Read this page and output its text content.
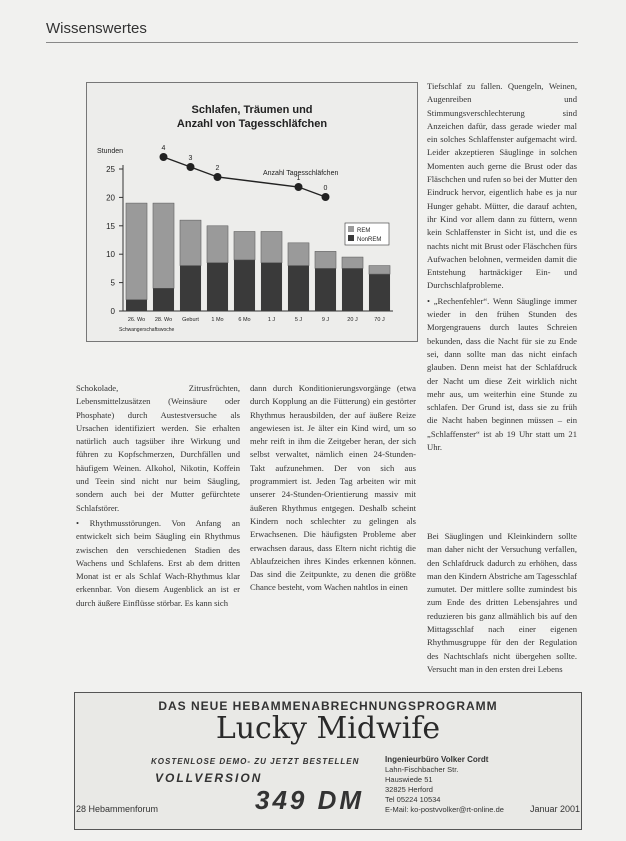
Wissenswertes
Schlafen, Träumen und
Anzahl von Tagesschläfchen
Stunden
Anzahl Tagesschläfchen
0
5
10
15
20
25
26. Wo 28. Wo Geburt 1 Mo	6 Mo	1 J	5 J	9 J	20 J	70 J
4
3
2
1
0
REM
NonREM
Schwangerschaftswoche

Schokolade, Zitrusfrüchten, Lebensmittelzusätzen (Weinsäure oder Phosphate) durch Austestversuche als Ursachen identifiziert werden. Sie erhalten natürlich auch tagsüber ihre Wirkung und führen zu Kopfschmerzen, Durchfällen und häufigem Weinen. Alkohol, Nikotin, Koffein und Teein sind nicht nur beim Säugling, sondern auch bei der Mutter gefürchtete Schlafstörer.

• Rhythmusstörungen. Von Anfang an entwickelt sich beim Säugling ein Rhythmus zwischen den verschiedenen Stadien des Wachens und Schlafens. Erst ab dem dritten Monat ist er als Schlaf Wach-Rhythmus klar erkennbar. Von diesem Augenblick an ist er durch äußere Einflüsse störbar. Es kann sich

dann durch Konditionierungsvorgänge (etwa durch Kopplung an die Fütterung) ein gestörter Rhythmus herausbilden, der auf äußere Reize angewiesen ist. Je älter ein Kind wird, um so mehr reift in ihm die Zeitgeber heran, der sich selbst verwaltet, nämlich einen 24-Stunden-Takt aufzunehmen. Der von sich aus programmiert ist. Jeden Tag arbeiten wir mit unserer 24-Stunden-Orientierung massiv mit äußeren Rhythmus entgegen. Deshalb scheint Kindern noch schlechter zu gelingen als Erwachsenen. Die häufigsten Probleme aber erwachsen daraus, dass Eltern nicht richtig die Ablaufzeichen ihres Kindes erkennen können. Das sind die Zeitpunkte, zu denen die größte Chance besteht, vom Wachen nahtlos in einen

Tiefschlaf zu fallen. Quengeln, Weinen, Augenreiben und Stimmungsverschlechterung sind Anzeichen dafür, dass gerade wieder mal ein solches Schlaffenster aufgemacht wird. Leider akzeptieren Säuglinge in solchen Momenten auch gerne die Brust oder das Fläschchen und rufen so bei der Mutter den Eindruck hervor, eigentlich habe es ja nur Hunger gehabt. Mütter, die darauf achten, ihr Kind vor allem dann zu füttern, wenn kein Schlaffenster in Sicht ist, und die es nachts nicht mit Brust oder Fläschchen fürs Aufwachen belohnen, vermeiden damit die Entstehung hartnäckiger Ein- und Durchschlafprobleme.

• „Rechenfehler“. Wenn Säuglinge immer wieder in den frühen Stunden des Morgengrauens durch lautes Schreien bekunden, dass die Nacht für sie zu Ende sei, dann sollte man das nicht einfach glauben. Denn meist hat der Schlafdruck der Nacht um diese Zeit wirklich nicht mehr aus, um weiterhin eine Stunde zu schlafen. Der Grund ist, dass sie zu früh die Nacht haben beginnen müssen – ein „Schlaffenster“ ist ab 19 Uhr statt um 21 Uhr.

Bei Säuglingen und Kleinkindern sollte man daher nicht der Versuchung verfallen, den Schlafdruck dadurch zu erhöhen, dass man den Kindern Abstriche am Tagesschlaf zumutet. Der mittlere sollte zumindest bis zum Ende des dritten Lebensjahres und reduzieren bis ganz allmählich bis auf den Mittagsschlaf nach einer eigenen Rhythmusgruppe für den der Regulation des Nachtschlafs nicht übergehen sollte. Versucht man in den ersten drei Lebens

DAS NEUE HEBAMMENABRECHNUNGSPROGRAMM
Lucky Midwife
KOSTENLOSE DEMO- ZU JETZT BESTELLEN
VOLLVERSION
349 DM
Ingenieurbüro Volker Cordt
Lahn-Fischbacher Str.
Hauswiede 51
32825 Herford
Tel 05224 10534
E-Mail: ko-postvvolker@rt-online.de
28 Hebammenforum	Januar 2001
